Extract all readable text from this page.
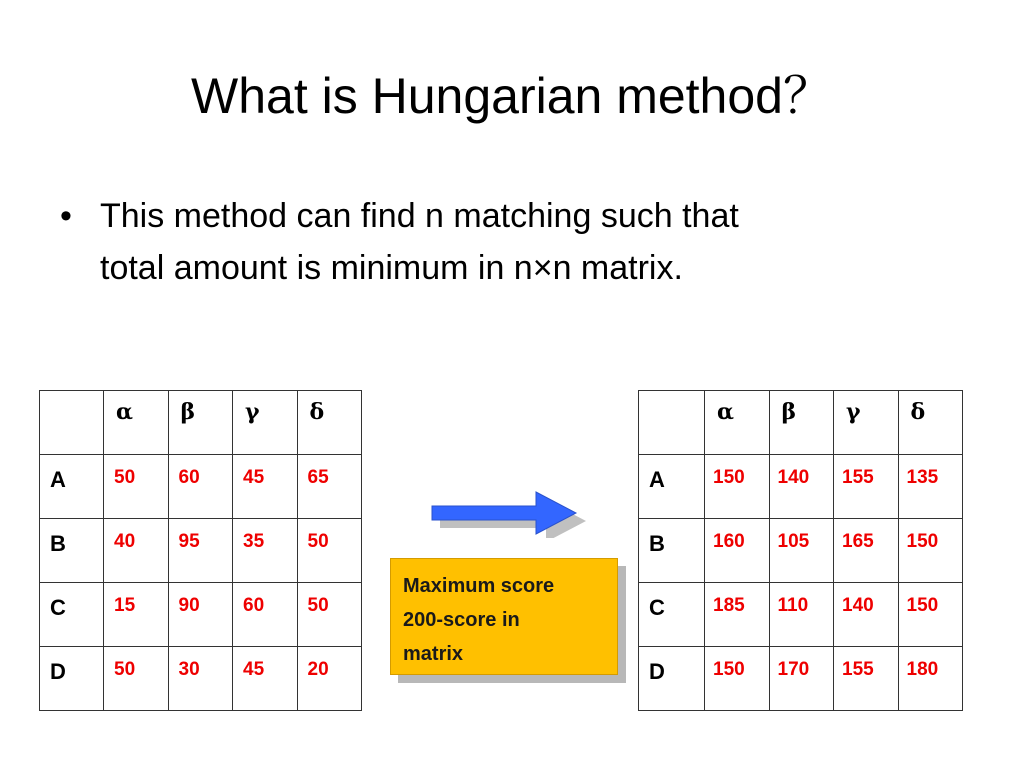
What is Hungarian method？
• This method can find n matching such that
total amount is minimum in n×n matrix.
	α	β	γ	δ
A	50	60	45	65
B	40	95	35	50
C	15	90	60	50
D	50	30	45	20
Maximum score
200-score in
matrix
	α	β	γ	δ
A	150	140	155	135
B	160	105	165	150
C	185	110	140	150
D	150	170	155	180
